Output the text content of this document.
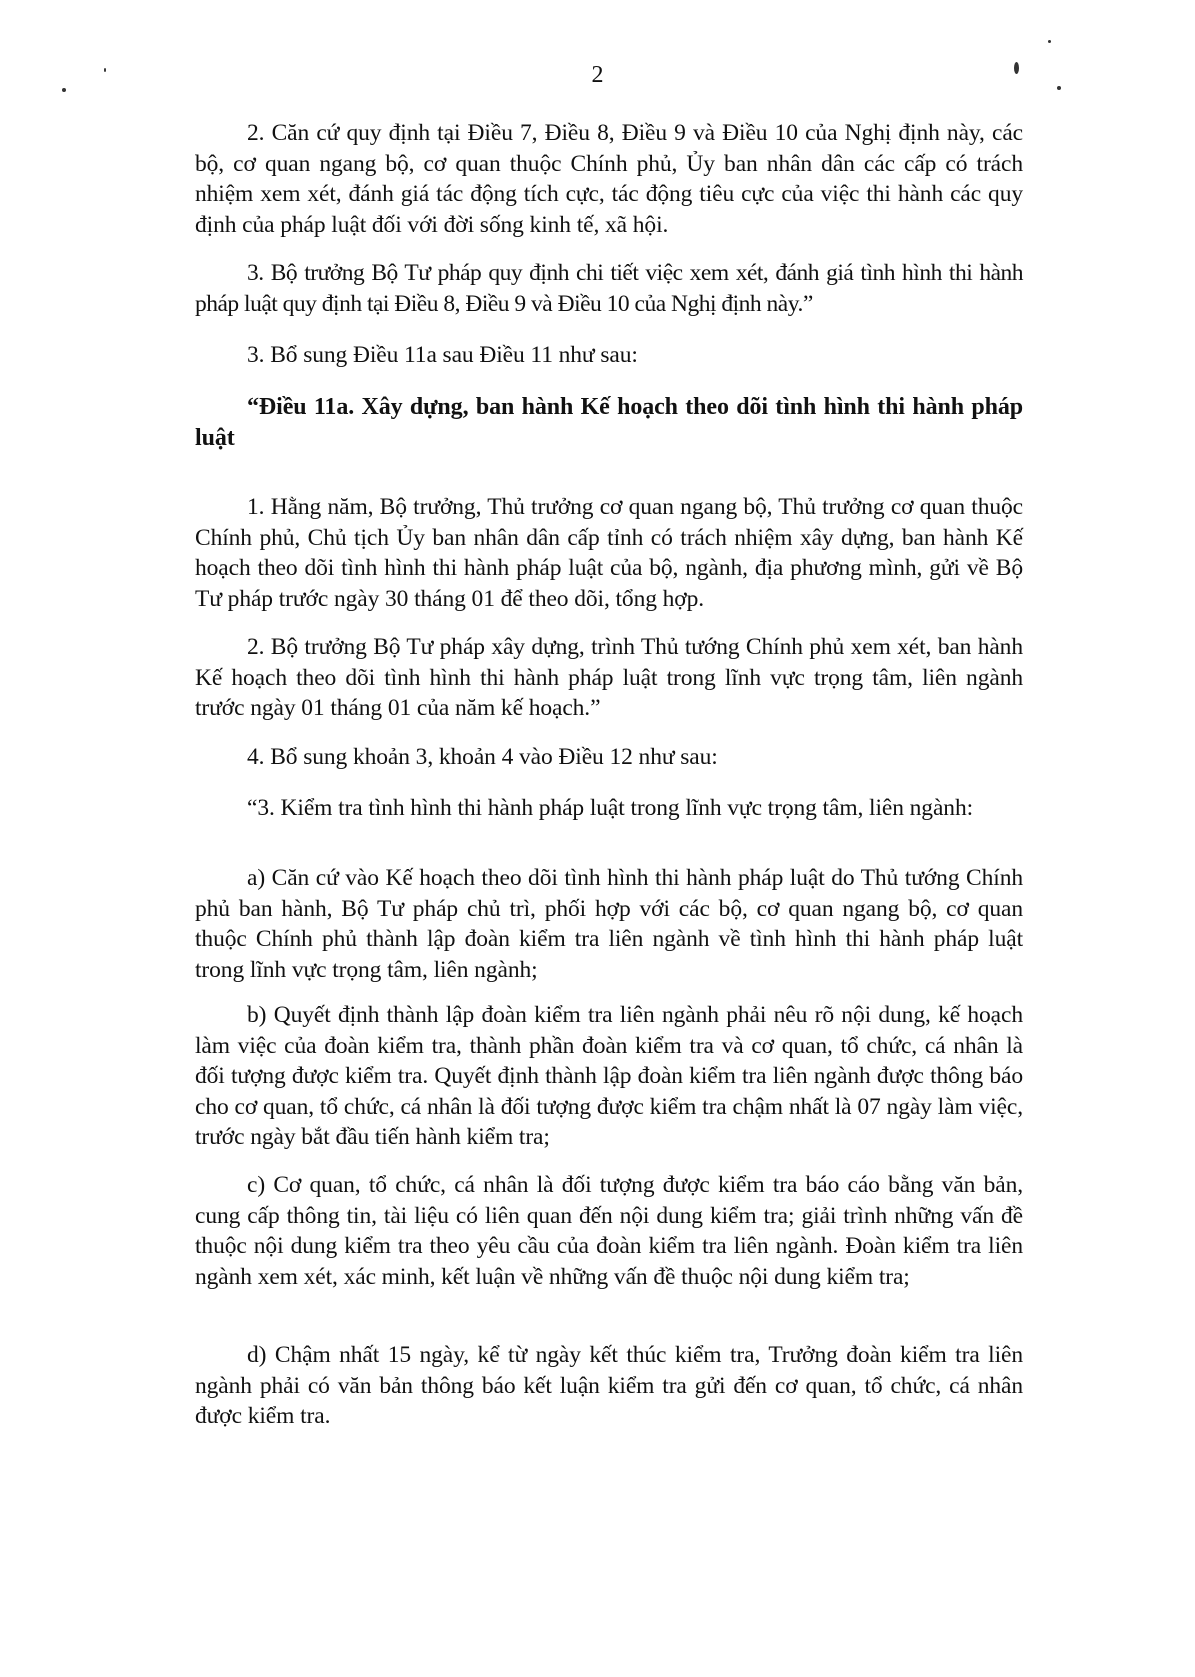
2

2. Căn cứ quy định tại Điều 7, Điều 8, Điều 9 và Điều 10 của Nghị định này, các bộ, cơ quan ngang bộ, cơ quan thuộc Chính phủ, Ủy ban nhân dân các cấp có trách nhiệm xem xét, đánh giá tác động tích cực, tác động tiêu cực của việc thi hành các quy định của pháp luật đối với đời sống kinh tế, xã hội.

3. Bộ trưởng Bộ Tư pháp quy định chi tiết việc xem xét, đánh giá tình hình thi hành pháp luật quy định tại Điều 8, Điều 9 và Điều 10 của Nghị định này.”

3. Bổ sung Điều 11a sau Điều 11 như sau:

“Điều 11a. Xây dựng, ban hành Kế hoạch theo dõi tình hình thi hành pháp luật

1. Hằng năm, Bộ trưởng, Thủ trưởng cơ quan ngang bộ, Thủ trưởng cơ quan thuộc Chính phủ, Chủ tịch Ủy ban nhân dân cấp tỉnh có trách nhiệm xây dựng, ban hành Kế hoạch theo dõi tình hình thi hành pháp luật của bộ, ngành, địa phương mình, gửi về Bộ Tư pháp trước ngày 30 tháng 01 để theo dõi, tổng hợp.

2. Bộ trưởng Bộ Tư pháp xây dựng, trình Thủ tướng Chính phủ xem xét, ban hành Kế hoạch theo dõi tình hình thi hành pháp luật trong lĩnh vực trọng tâm, liên ngành trước ngày 01 tháng 01 của năm kế hoạch.”

4. Bổ sung khoản 3, khoản 4 vào Điều 12 như sau:

“3. Kiểm tra tình hình thi hành pháp luật trong lĩnh vực trọng tâm, liên ngành:

a) Căn cứ vào Kế hoạch theo dõi tình hình thi hành pháp luật do Thủ tướng Chính phủ ban hành, Bộ Tư pháp chủ trì, phối hợp với các bộ, cơ quan ngang bộ, cơ quan thuộc Chính phủ thành lập đoàn kiểm tra liên ngành về tình hình thi hành pháp luật trong lĩnh vực trọng tâm, liên ngành;

b) Quyết định thành lập đoàn kiểm tra liên ngành phải nêu rõ nội dung, kế hoạch làm việc của đoàn kiểm tra, thành phần đoàn kiểm tra và cơ quan, tổ chức, cá nhân là đối tượng được kiểm tra. Quyết định thành lập đoàn kiểm tra liên ngành được thông báo cho cơ quan, tổ chức, cá nhân là đối tượng được kiểm tra chậm nhất là 07 ngày làm việc, trước ngày bắt đầu tiến hành kiểm tra;

c) Cơ quan, tổ chức, cá nhân là đối tượng được kiểm tra báo cáo bằng văn bản, cung cấp thông tin, tài liệu có liên quan đến nội dung kiểm tra; giải trình những vấn đề thuộc nội dung kiểm tra theo yêu cầu của đoàn kiểm tra liên ngành. Đoàn kiểm tra liên ngành xem xét, xác minh, kết luận về những vấn đề thuộc nội dung kiểm tra;

d) Chậm nhất 15 ngày, kể từ ngày kết thúc kiểm tra, Trưởng đoàn kiểm tra liên ngành phải có văn bản thông báo kết luận kiểm tra gửi đến cơ quan, tổ chức, cá nhân được kiểm tra.
